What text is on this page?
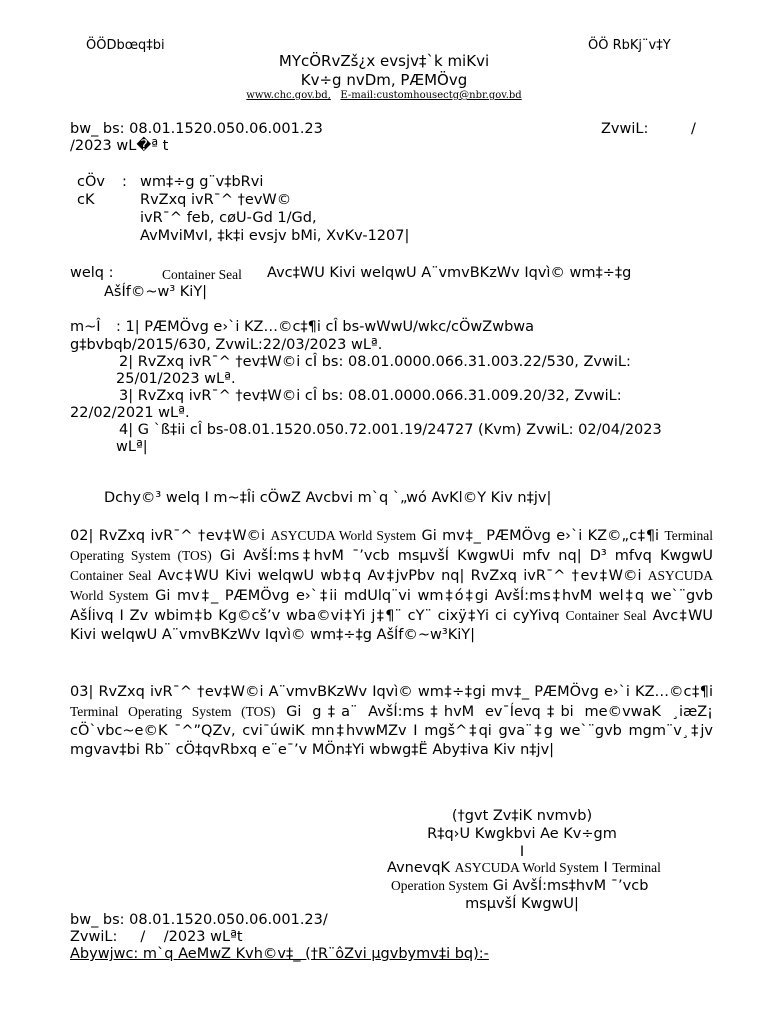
ÖÖDbœq‡bi	ÖÖ RbKj¨v‡Y
MYcÖRvZš¿x evsjv‡`k miKvi
Kv÷g nvDm, PÆMÖvg
www.chc.gov.bd, E-mail:customhousectg@nbr.gov.bd
bw_ bs: 08.01.1520.050.06.001.23	ZvwiL:	/
/2023 wL�ª t
cÖv : wm‡÷g g¨v‡bRvi
cK	RvZxq ivR¯^ †evW©
ivR¯^ feb, cøU-Gd 1/Gd,
AvMviMvI, ‡k‡i evsjv bMi, XvKv-1207|
welq :	Container Seal Avc‡WU Kivi welqwU A¨vmvBKzWv Iqvì© wm‡÷‡g
AšÍf©~w³ KiY|
m~Î : 1| PÆMÖvg e›`i KZ…©c‡¶i cÎ bs-wWwU/wkc/cÖwZwbwa
g‡bvbqb/2015/630, ZvwiL:22/03/2023 wLª.
2| RvZxq ivR¯^ †ev‡W©i cÎ bs: 08.01.0000.066.31.003.22/530, ZvwiL:
25/01/2023 wLª.
3| RvZxq ivR¯^ †ev‡W©i cÎ bs: 08.01.0000.066.31.009.20/32, ZvwiL:
22/02/2021 wLª.
4| G `ß‡ii cÎ bs-08.01.1520.050.72.001.19/24727 (Kvm) ZvwiL: 02/04/2023
wLª|
Dchy©³ welq I m~‡Îi cÖwZ Avcbvi m`q `„wó AvKl©Y Kiv n‡jv|
02| RvZxq ivR¯^ †ev‡W©i ASYCUDA World System Gi mv‡_ PÆMÖvg e›`i KZ©„c‡¶i Terminal Operating System (TOS) Gi AvšÍ:ms‡hvM ¯’vcb msµvšÍ KwgwUi mfv nq| D³ mfvq KwgwU Container Seal Avc‡WU Kivi welqwU wb‡q Av‡jvPbv nq| RvZxq ivR¯^ †ev‡W©i ASYCUDA World System Gi mv‡_ PÆMÖvg e›`‡ii mdUlq¨vi wm‡ó‡gi AvšÍ:ms‡hvM wel‡q we`¨gvb AšÍivq I Zv wbim‡b Kg©cš’v wba©vi‡Yi j‡¶¨ cY¨ cixÿ‡Yi ci cyYivq Container Seal Avc‡WU Kivi welqwU A¨vmvBKzWv Iqvì© wm‡÷‡g AšÍf©~w³KiY|
03| RvZxq ivR¯^ †ev‡W©i A¨vmvBKzWv Iqvì© wm‡÷‡gi mv‡_ PÆMÖvg e›`i KZ…©c‡¶i Terminal Operating System (TOS) Gi g‡a¨ AvšÍ:ms‡hvM ev¯Íevq‡bi me©vwaK ¸iæZ¡ cÖ`vbc~e©K ¯^”QZv, cvi¯úwiK mn‡hvwMZv I mgš^‡qi gva¨‡g we`¨gvb mgm¨v¸‡jv mgvav‡bi Rb¨ cÖ‡qvRbxq e¨e¯’v MÖn‡Yi wbwg‡Ë Aby‡iva Kiv n‡jv|
(†gvt Zv‡iK nvmvb)
R‡q›U Kwgkbvi Ae Kv÷gm
I
AvnevqK ASYCUDA World System I Terminal
Operation System Gi AvšÍ:ms‡hvM ¯’vcb
msµvšÍ KwgwU|
bw_ bs: 08.01.1520.050.06.001.23/
ZvwiL:     /    /2023 wLªt
Abywjwc: m`q AeMwZ Kvh©v‡_ (†R¨ôZvi µgvbymv‡i bq):-
